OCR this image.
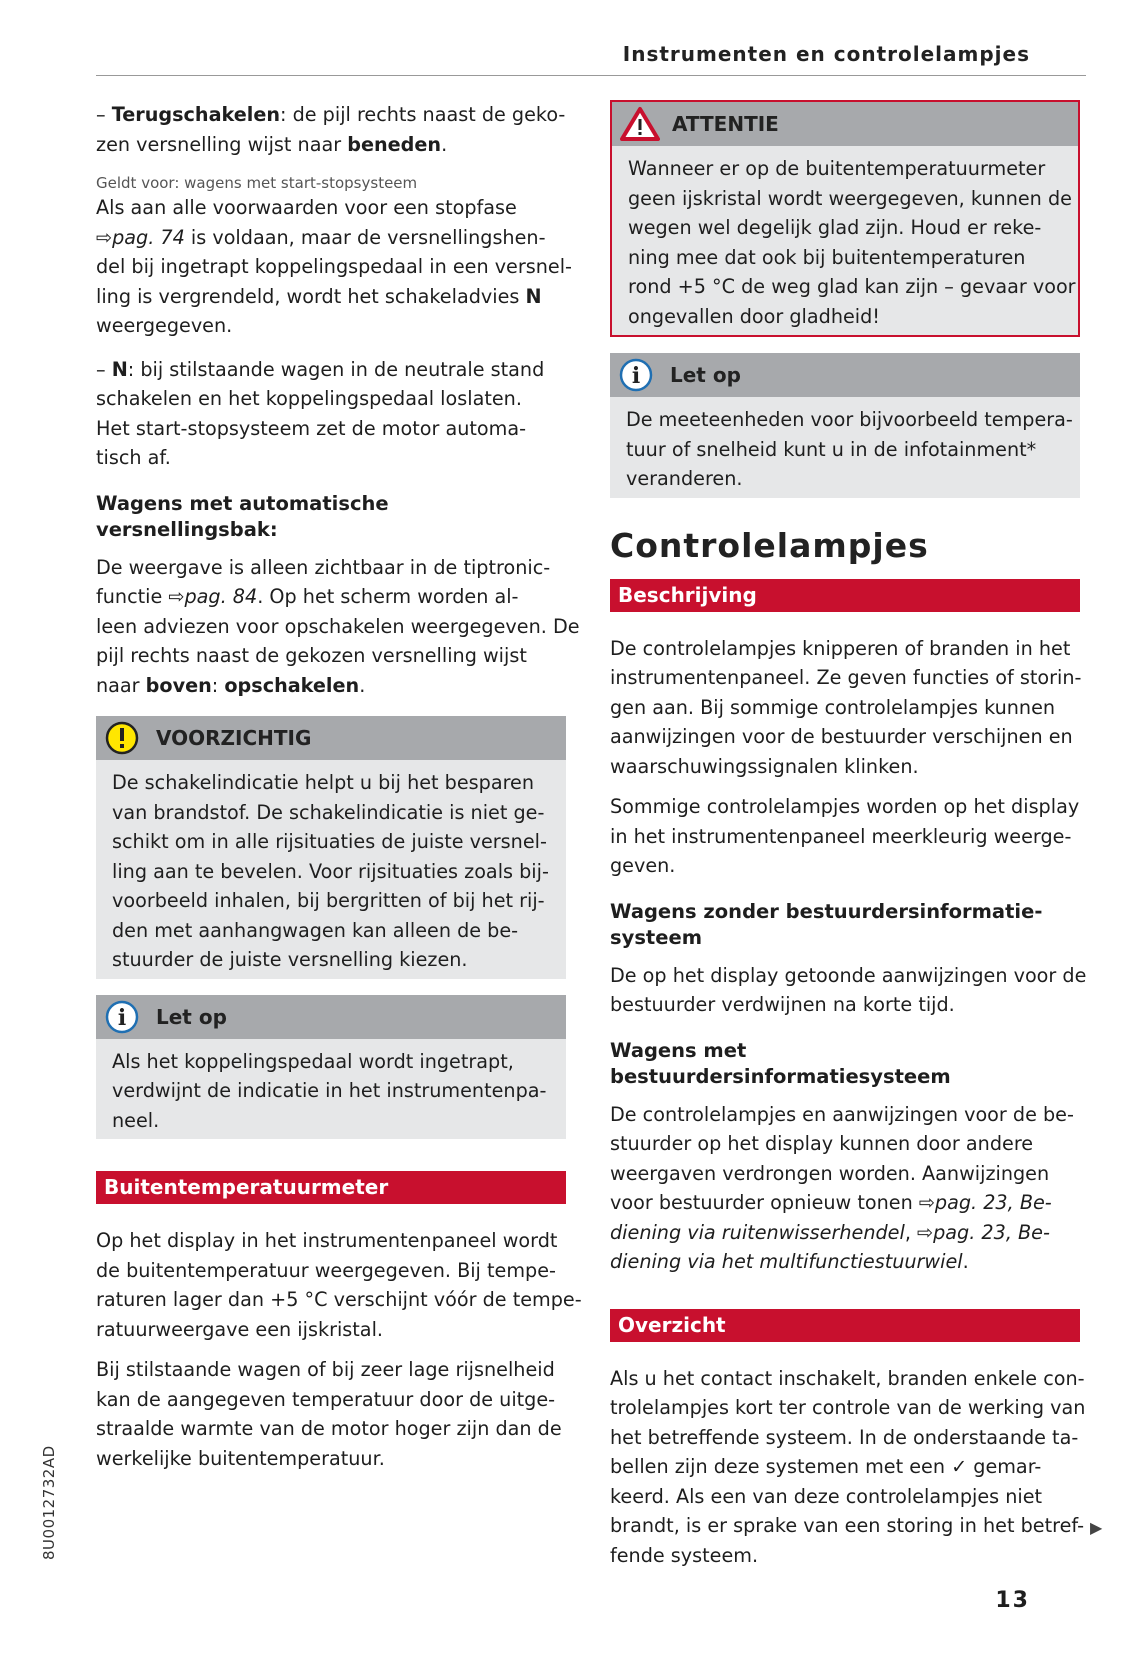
Instrumenten en controlelampjes
– Terugschakelen: de pijl rechts naast de geko-
zen versnelling wijst naar beneden.
Geldt voor: wagens met start-stopsysteem
Als aan alle voorwaarden voor een stopfase
⇨pag. 74 is voldaan, maar de versnellingshen-
del bij ingetrapt koppelingspedaal in een versnel-
ling is vergrendeld, wordt het schakeladvies N
weergegeven.
– N: bij stilstaande wagen in de neutrale stand
schakelen en het koppelingspedaal loslaten.
Het start-stopsysteem zet de motor automa-
tisch af.
Wagens met automatische versnellingsbak:
De weergave is alleen zichtbaar in de tiptronic-
functie ⇨pag. 84. Op het scherm worden al-
leen adviezen voor opschakelen weergegeven. De
pijl rechts naast de gekozen versnelling wijst
naar boven: opschakelen.
VOORZICHTIG
De schakelindicatie helpt u bij het besparen
van brandstof. De schakelindicatie is niet ge-
schikt om in alle rijsituaties de juiste versnel-
ling aan te bevelen. Voor rijsituaties zoals bij-
voorbeeld inhalen, bij bergritten of bij het rij-
den met aanhangwagen kan alleen de be-
stuurder de juiste versnelling kiezen.
i Let op
Als het koppelingspedaal wordt ingetrapt,
verdwijnt de indicatie in het instrumentenpa-
neel.
Buitentemperatuurmeter
Op het display in het instrumentenpaneel wordt
de buitentemperatuur weergegeven. Bij tempe-
raturen lager dan +5 °C verschijnt vóór de tempe-
ratuurweergave een ijskristal.
Bij stilstaande wagen of bij zeer lage rijsnelheid
kan de aangegeven temperatuur door de uitge-
straalde warmte van de motor hoger zijn dan de
werkelijke buitentemperatuur.
ATTENTIE
Wanneer er op de buitentemperatuurmeter
geen ijskristal wordt weergegeven, kunnen de
wegen wel degelijk glad zijn. Houd er reke-
ning mee dat ook bij buitentemperaturen
rond +5 °C de weg glad kan zijn – gevaar voor
ongevallen door gladheid!
i Let op
De meeteenheden voor bijvoorbeeld tempera-
tuur of snelheid kunt u in de infotainment*
veranderen.
Controlelampjes
Beschrijving
De controlelampjes knipperen of branden in het
instrumentenpaneel. Ze geven functies of storin-
gen aan. Bij sommige controlelampjes kunnen
aanwijzingen voor de bestuurder verschijnen en
waarschuwingssignalen klinken.
Sommige controlelampjes worden op het display
in het instrumentenpaneel meerkleurig weerge-
geven.
Wagens zonder bestuurdersinformatie-systeem
De op het display getoonde aanwijzingen voor de
bestuurder verdwijnen na korte tijd.
Wagens met bestuurdersinformatiesysteem
De controlelampjes en aanwijzingen voor de be-
stuurder op het display kunnen door andere
weergaven verdrongen worden. Aanwijzingen
voor bestuurder opnieuw tonen ⇨pag. 23, Be-
diening via ruitenwisserhendel, ⇨pag. 23, Be-
diening via het multifunctiestuurwiel.
Overzicht
Als u het contact inschakelt, branden enkele con-
trolelampjes kort ter controle van de werking van
het betreffende systeem. In de onderstaande ta-
bellen zijn deze systemen met een ✓ gemar-
keerd. Als een van deze controlelampjes niet
brandt, is er sprake van een storing in het betref-
fende systeem.
▶
8U0012732AD
13
